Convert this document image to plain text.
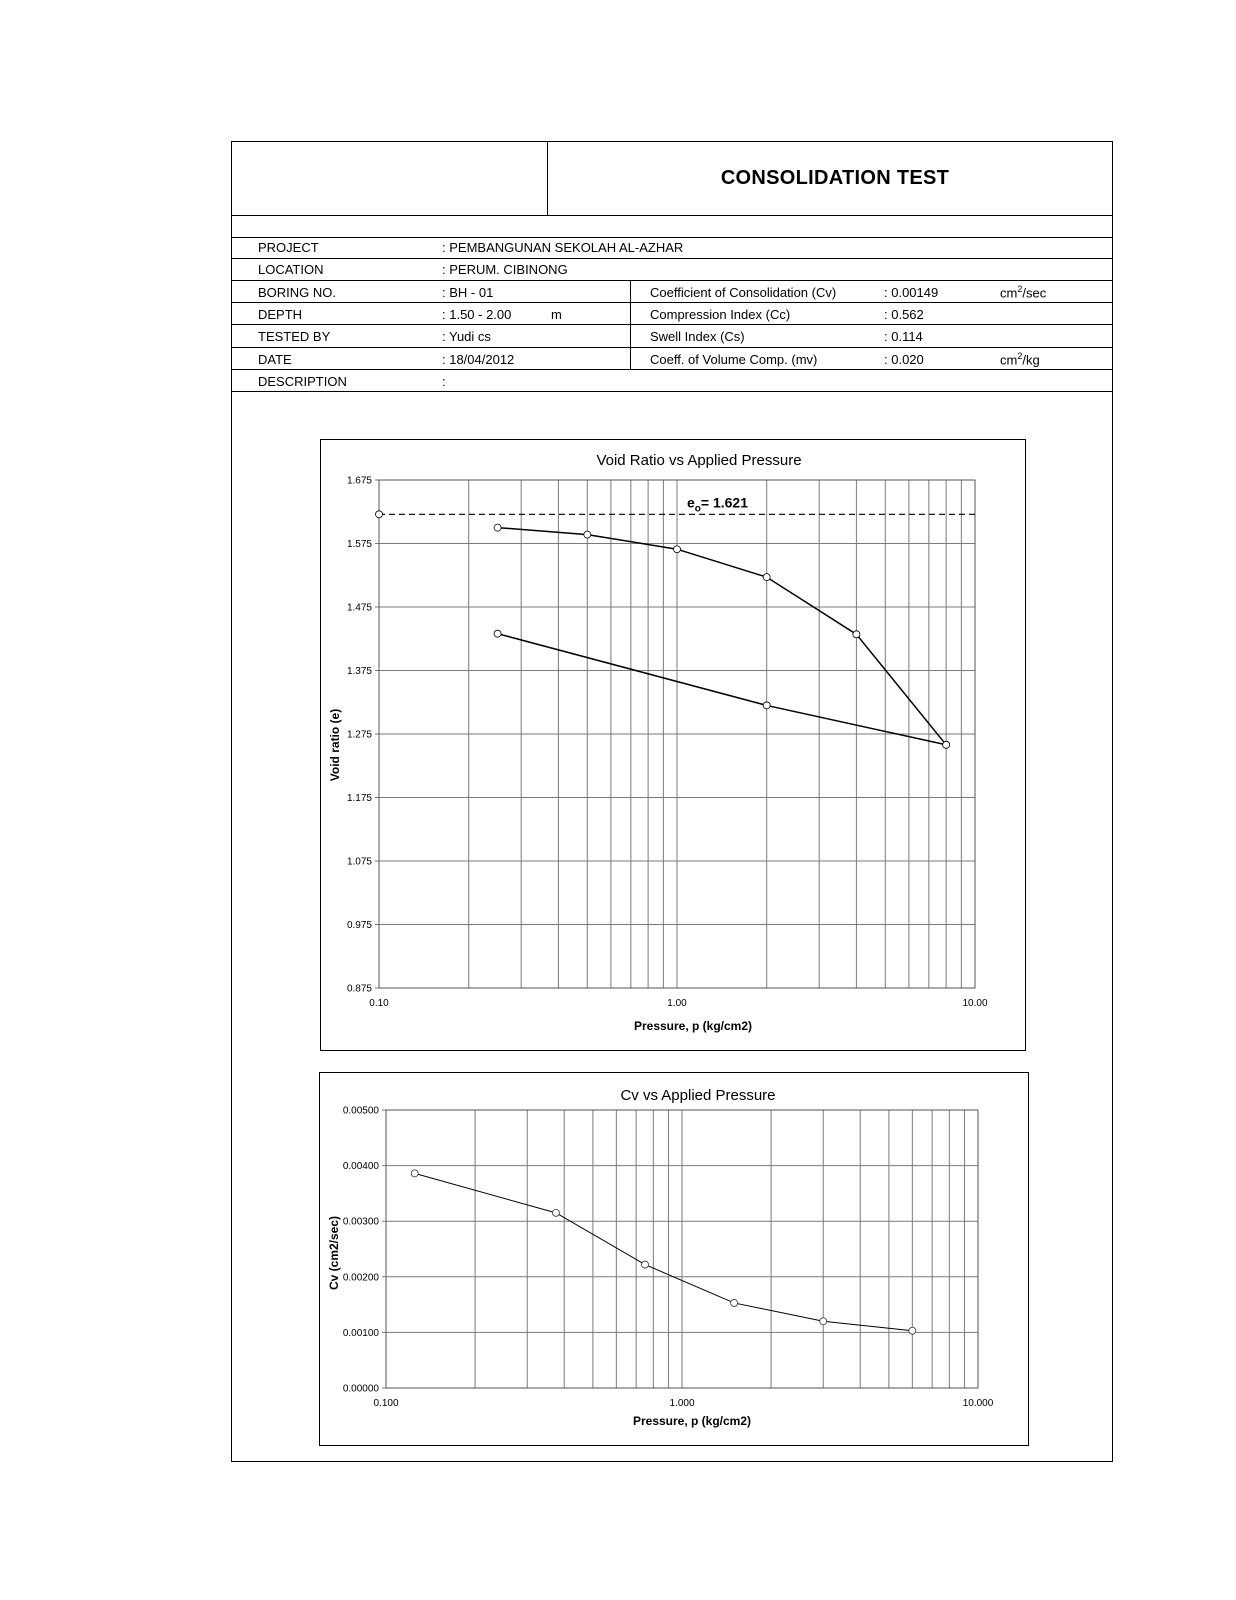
CONSOLIDATION TEST
PROJECT	: PEMBANGUNAN SEKOLAH AL-AZHAR
LOCATION	: PERUM. CIBINONG
BORING NO.	: BH - 01
DEPTH	: 1.50 - 2.00	m
TESTED BY	: Yudi cs
DATE	: 18/04/2012
DESCRIPTION	:
Coefficient of Consolidation (Cv)	: 0.00149	$cm^2/\sec$
Compression Index (Cc)	: 0.562
Swell Index (Cs)	: 0.114
Coeff. of Volume Comp. (mv)	: 0.020	$cm^2/kg$
Void Ratio vs Applied Pressure
Pressure, p (kg/cm2)
Void ratio (e)
0.875
0.975
1.075
1.175
1.275
1.375
1.475
1.575
1.675
0.10	1.00	10.00
$e_o= 1.621$
Cv vs Applied Pressure
Pressure, p (kg/cm2)
Cv (cm2/sec)
0.00000
0.00100
0.00200
0.00300
0.00400
0.00500
0.100	1.000	10.000
